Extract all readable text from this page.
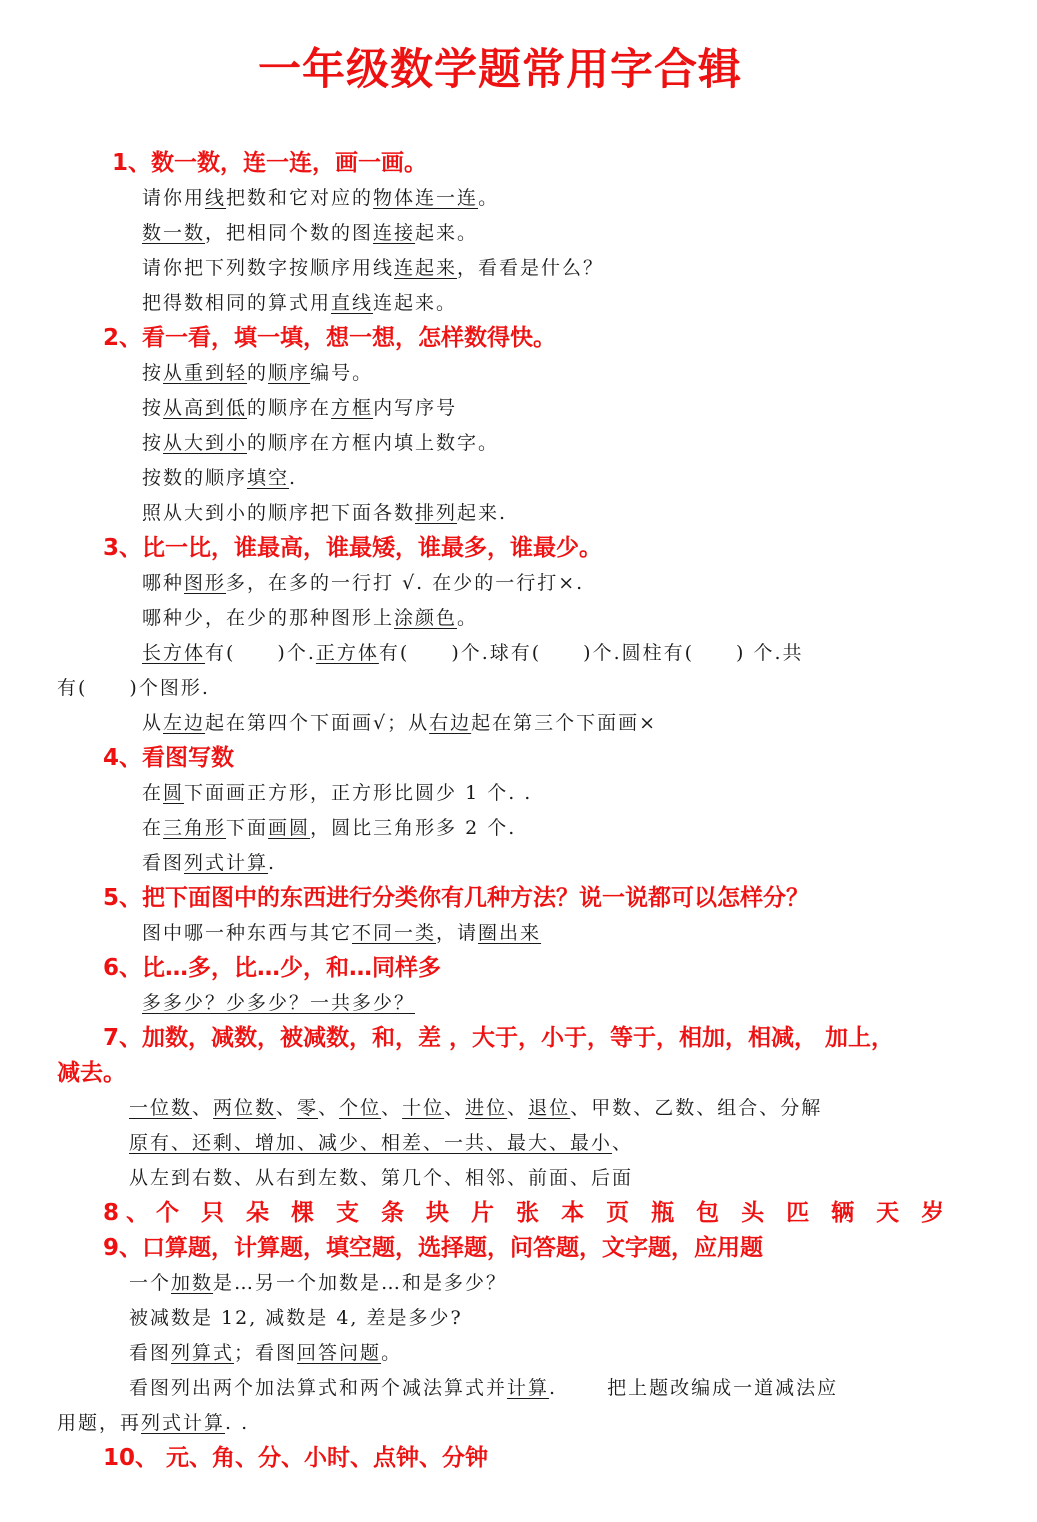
一年级数学题常用字合辑
1、数一数，连一连，画一画。
请你用线把数和它对应的物体连一连。
数一数，把相同个数的图连接起来。
请你把下列数字按顺序用线连起来，看看是什么？
把得数相同的算式用直线连起来。
2、看一看，填一填，想一想，怎样数得快。
按从重到轻的顺序编号。
按从高到低的顺序在方框内写序号
按从大到小的顺序在方框内填上数字。
按数的顺序填空.
照从大到小的顺序把下面各数排列起来.
3、比一比，谁最高，谁最矮，谁最多，谁最少。
哪种图形多，在多的一行打 √. 在少的一行打×.
哪种少，在少的那种图形上涂颜色。
长方体有(　　)个.正方体有(　　)个.球有(　　)个.圆柱有(　　) 个.共
有(　　)个图形.
从左边起在第四个下面画√；从右边起在第三个下面画×
4、看图写数
在圆下面画正方形，正方形比圆少 1 个. .
在三角形下面画圆，圆比三角形多 2 个.
看图列式计算.
5、把下面图中的东西进行分类你有几种方法？说一说都可以怎样分？
图中哪一种东西与其它不同一类，请圈出来
6、比…多，比…少，和…同样多
多多少？少多少？一共多少？
7、加数，减数，被减数，和，差 ，大于，小于，等于，相加，相减， 加上，
减去。
一位数、两位数、零、个位、十位、进位、退位、甲数、乙数、组合、分解
原有、还剩、增加、减少、相差、一共、最大、最小、
从左到右数、从右到左数、第几个、相邻、前面、后面
8、个 只 朵 棵 支 条 块 片 张 本 页 瓶 包 头 匹 辆 天 岁
9、口算题，计算题，填空题，选择题，问答题，文字题，应用题
一个加数是…另一个加数是…和是多少？
被减数是 12, 减数是 4, 差是多少?
看图列算式；看图回答问题。
看图列出两个加法算式和两个减法算式并计算.　　 把上题改编成一道减法应
用题，再列式计算. .
10、 元、角、分、小时、点钟、分钟
